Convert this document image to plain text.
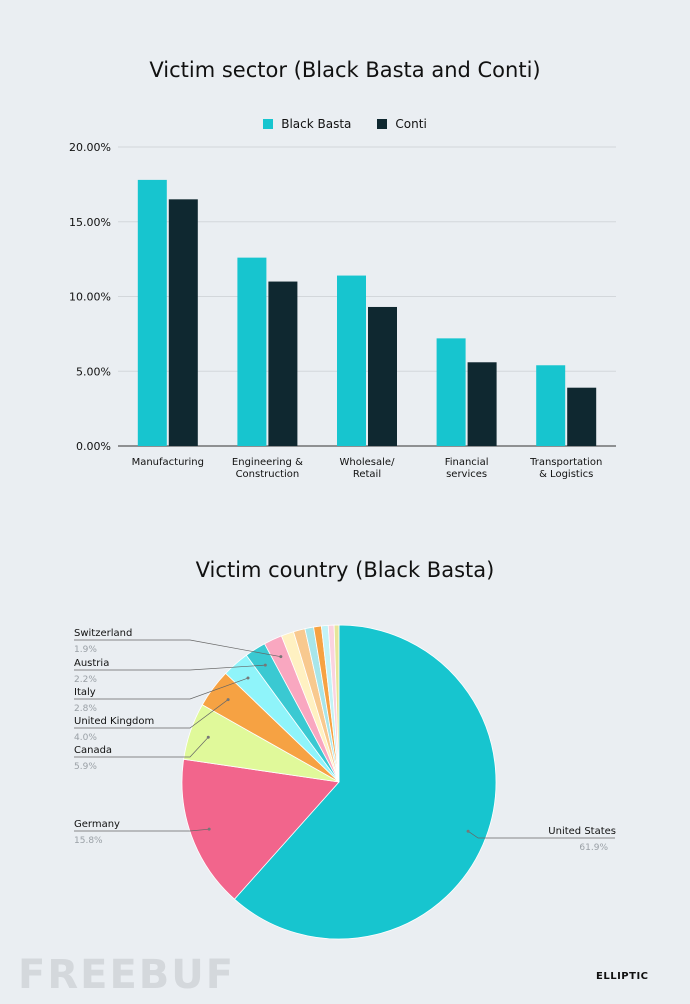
Victim sector (Black Basta and Conti)
Black Basta	Conti
Victim country (Black Basta)
0.00%
5.00%
10.00%
15.00%
20.00%
Manufacturing	Engineering &
Construction
Wholesale/
Retail
Financial
services
Transportation
& Logistics
United States
61.9%
Germany
15.8%
Canada
5.9%
United Kingdom
4.0%
Italy
2.8%
Austria
2.2%
Switzerland
1.9%
FREEBUF	ELLIPTIC
